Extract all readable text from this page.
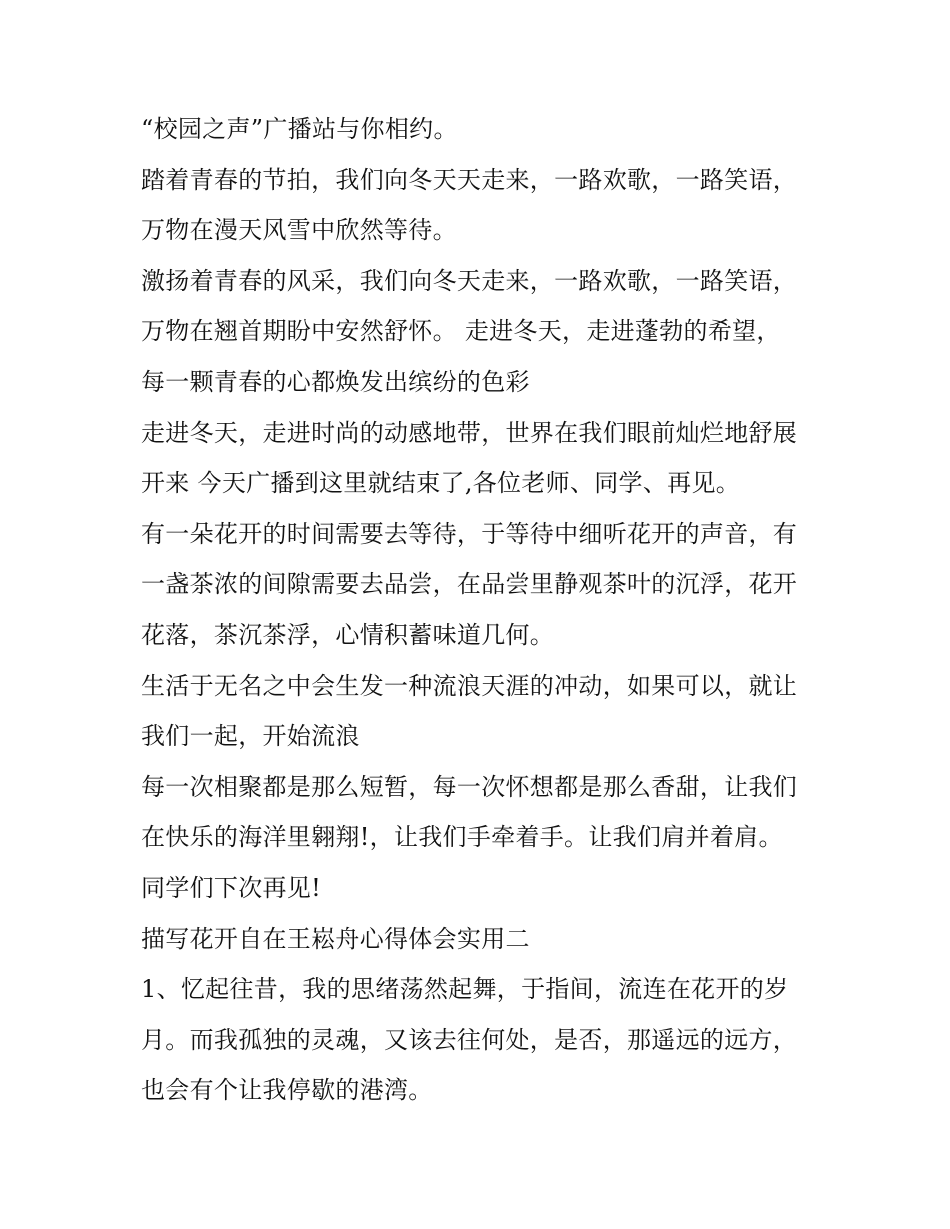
“校园之声”广播站与你相约。
踏着青春的节拍，我们向冬天天走来，一路欢歌，一路笑语，
万物在漫天风雪中欣然等待。
激扬着青春的风采，我们向冬天走来，一路欢歌，一路笑语，
万物在翘首期盼中安然舒怀。 走进冬天，走进蓬勃的希望，
每一颗青春的心都焕发出缤纷的色彩
走进冬天，走进时尚的动感地带，世界在我们眼前灿烂地舒展
开来 今天广播到这里就结束了,各位老师、同学、再见。
有一朵花开的时间需要去等待，于等待中细听花开的声音，有
一盏茶浓的间隙需要去品尝，在品尝里静观茶叶的沉浮，花开
花落，茶沉茶浮，心情积蓄味道几何。
生活于无名之中会生发一种流浪天涯的冲动，如果可以，就让
我们一起，开始流浪
每一次相聚都是那么短暂，每一次怀想都是那么香甜，让我们
在快乐的海洋里翱翔!，让我们手牵着手。让我们肩并着肩。
同学们下次再见!
描写花开自在王崧舟心得体会实用二
1、忆起往昔，我的思绪荡然起舞，于指间，流连在花开的岁
月。而我孤独的灵魂，又该去往何处，是否，那遥远的远方，
也会有个让我停歇的港湾。
